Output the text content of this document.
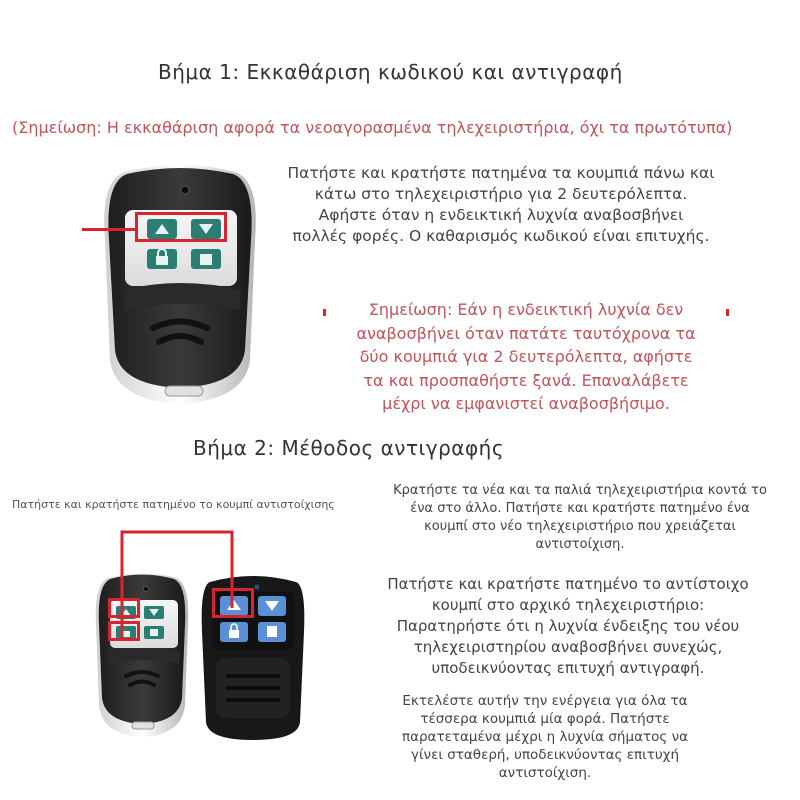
Βήμα 1: Εκκαθάριση κωδικού και αντιγραφή
(Σημείωση: Η εκκαθάριση αφορά τα νεοαγορασμένα τηλεχειριστήρια, όχι τα πρωτότυπα)
Πατήστε και κρατήστε πατημένα τα κουμπιά πάνω και
κάτω στο τηλεχειριστήριο για 2 δευτερόλεπτα.
Αφήστε όταν η ενδεικτική λυχνία αναβοσβήνει
πολλές φορές. Ο καθαρισμός κωδικού είναι επιτυχής.
Σημείωση: Εάν η ενδεικτική λυχνία δεν
αναβοσβήνει όταν πατάτε ταυτόχρονα τα
δύο κουμπιά για 2 δευτερόλεπτα, αφήστε
τα και προσπαθήστε ξανά. Επαναλάβετε
μέχρι να εμφανιστεί αναβοσβήσιμο.
Βήμα 2: Μέθοδος αντιγραφής
Πατήστε και κρατήστε πατημένο το κουμπί αντιστοίχισης
Κρατήστε τα νέα και τα παλιά τηλεχειριστήρια κοντά το
ένα στο άλλο. Πατήστε και κρατήστε πατημένο ένα
κουμπί στο νέο τηλεχειριστήριο που χρειάζεται
αντιστοίχιση.
Πατήστε και κρατήστε πατημένο το αντίστοιχο
κουμπί στο αρχικό τηλεχειριστήριο:
Παρατηρήστε ότι η λυχνία ένδειξης του νέου
τηλεχειριστηρίου αναβοσβήνει συνεχώς,
υποδεικνύοντας επιτυχή αντιγραφή.
Εκτελέστε αυτήν την ενέργεια για όλα τα
τέσσερα κουμπιά μία φορά. Πατήστε
παρατεταμένα μέχρι η λυχνία σήματος να
γίνει σταθερή, υποδεικνύοντας επιτυχή
αντιστοίχιση.
